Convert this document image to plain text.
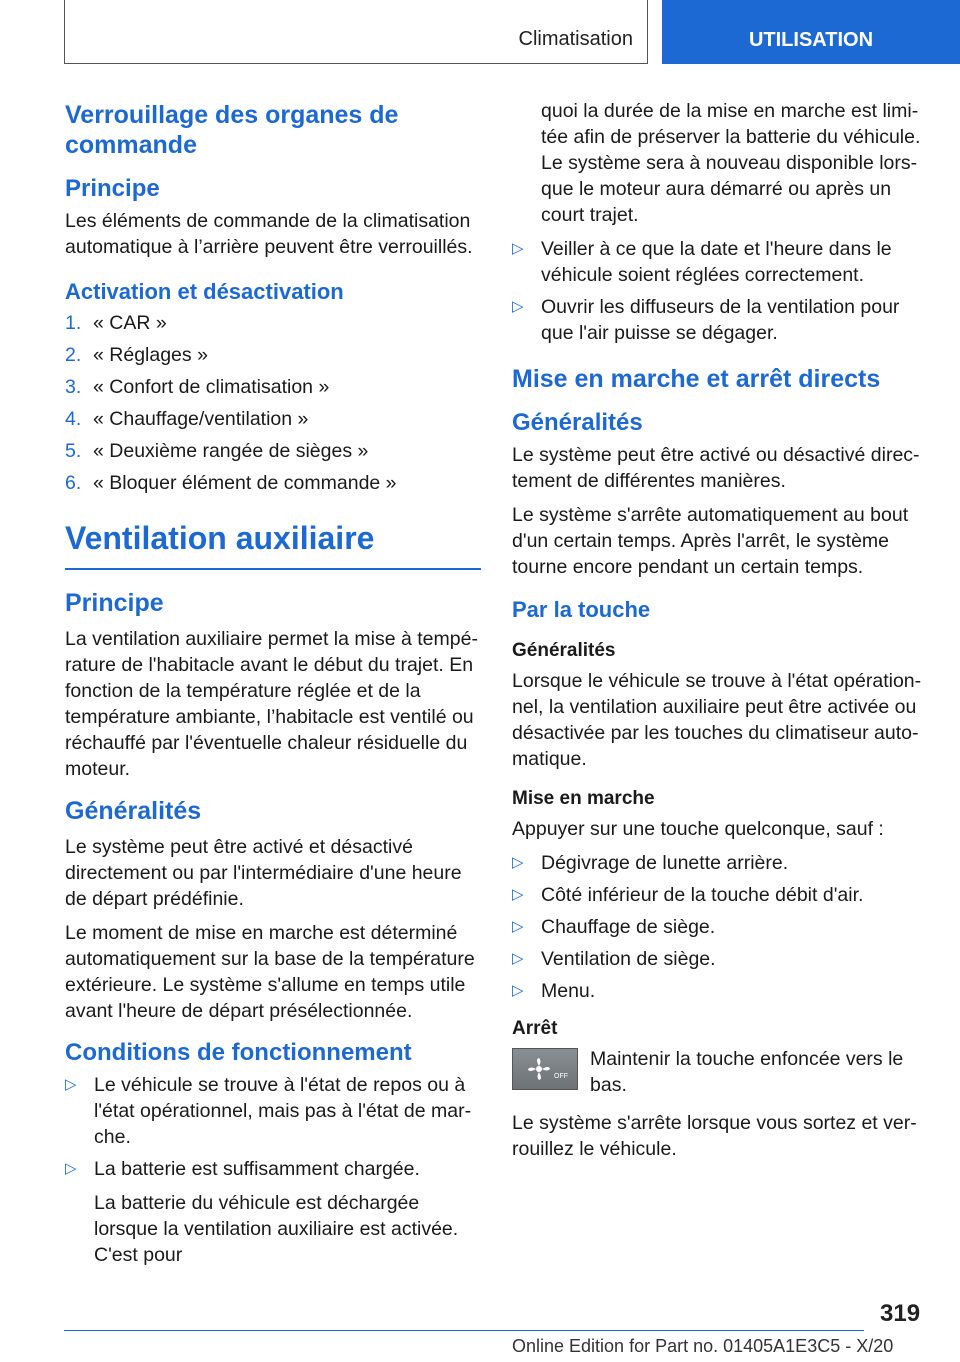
Climatisation	UTILISATION
Verrouillage des organes de commande
Principe

Les éléments de commande de la climatisation automatique à l’arrière peuvent être verrouillés.

Activation et désactivation
1. « CAR »
2. « Réglages »
3. « Confort de climatisation »
4. « Chauffage/ventilation »
5. « Deuxième rangée de sièges »
6. « Bloquer élément de commande »
Ventilation auxiliaire
Principe

La ventilation auxiliaire permet la mise à température de l'habitacle avant le début du trajet. En fonction de la température réglée et de la température ambiante, l’habitacle est ventilé ou réchauffé par l'éventuelle chaleur résiduelle du moteur.

Généralités

Le système peut être activé et désactivé directement ou par l'intermédiaire d'une heure de départ prédéfinie.

Le moment de mise en marche est déterminé automatiquement sur la base de la température extérieure. Le système s'allume en temps utile avant l'heure de départ présélectionnée.

Conditions de fonctionnement
▷ Le véhicule se trouve à l'état de repos ou à l'état opérationnel, mais pas à l'état de marche.
▷ La batterie est suffisamment chargée.

La batterie du véhicule est déchargée lorsque la ventilation auxiliaire est activée. C'est pour

quoi la durée de la mise en marche est limitée afin de préserver la batterie du véhicule. Le système sera à nouveau disponible lorsque le moteur aura démarré ou après un court trajet.

▷ Veiller à ce que la date et l'heure dans le véhicule soient réglées correctement.
▷ Ouvrir les diffuseurs de la ventilation pour que l'air puisse se dégager.
Mise en marche et arrêt directs
Généralités

Le système peut être activé ou désactivé directement de différentes manières.

Le système s'arrête automatiquement au bout d'un certain temps. Après l'arrêt, le système tourne encore pendant un certain temps.

Par la touche
Généralités

Lorsque le véhicule se trouve à l'état opérationnel, la ventilation auxiliaire peut être activée ou désactivée par les touches du climatiseur automatique.

Mise en marche

Appuyer sur une touche quelconque, sauf :

▷ Dégivrage de lunette arrière.
▷ Côté inférieur de la touche débit d'air.
▷ Chauffage de siège.
▷ Ventilation de siège.
▷ Menu.
Arrêt
OFF

Maintenir la touche enfoncée vers le bas.

Le système s'arrête lorsque vous sortez et verrouillez le véhicule.

319
Online Edition for Part no. 01405A1E3C5 - X/20
